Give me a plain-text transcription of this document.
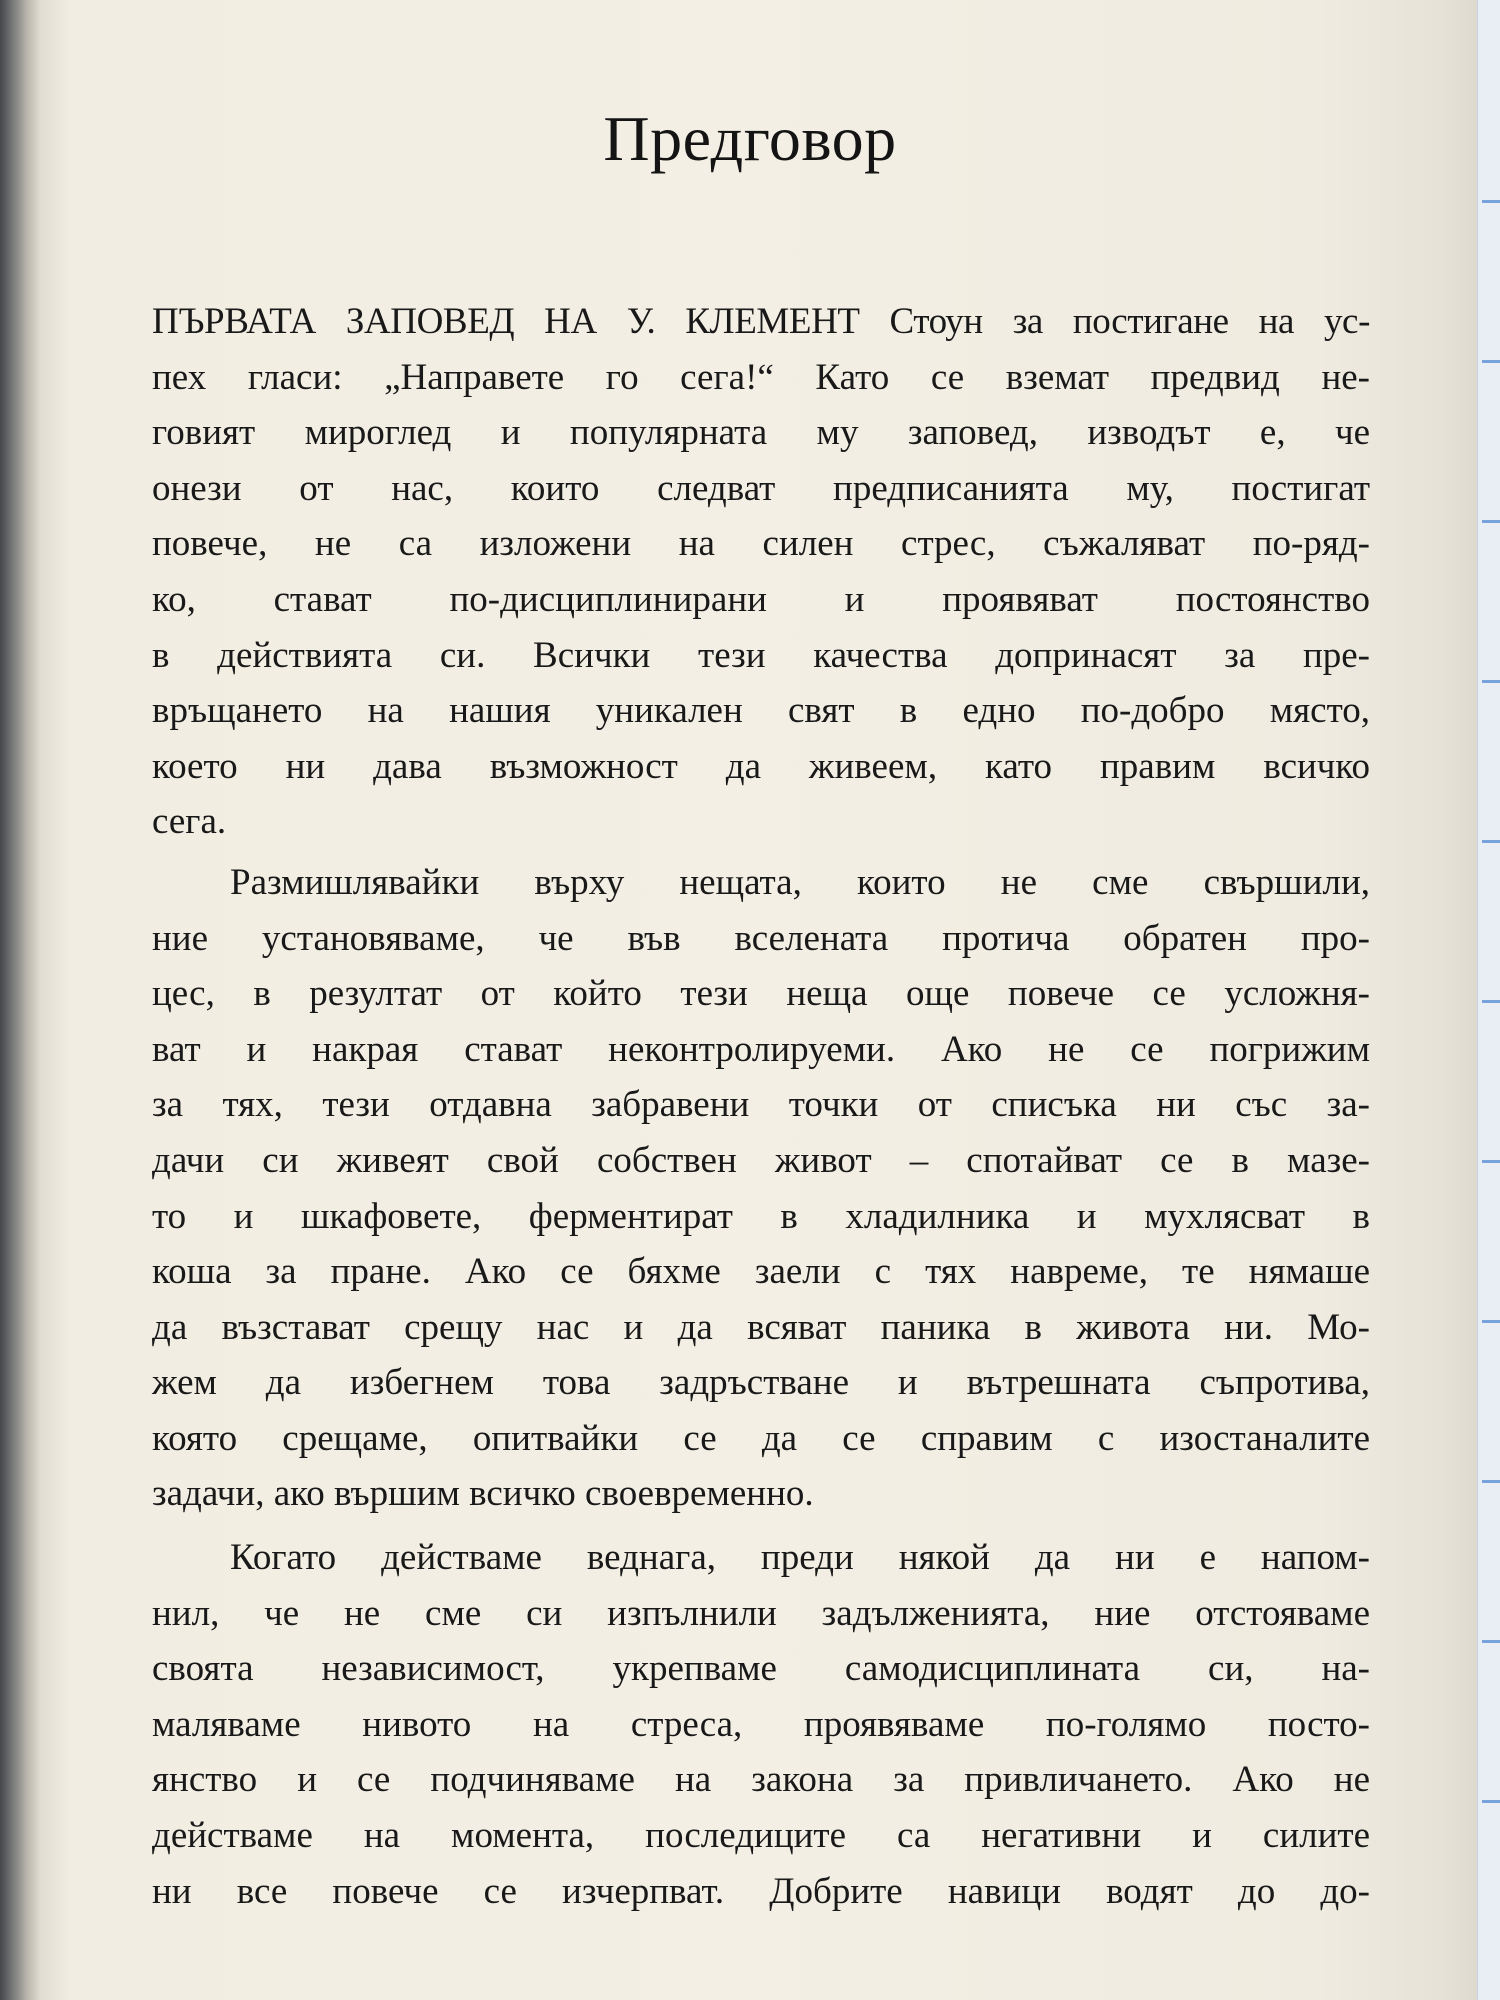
Предговор
ПЪРВАТА ЗАПОВЕД НА У. КЛЕМЕНТ Стоун за постигане на ус-
пех гласи: „Направете го сега!“ Като се вземат предвид не-
говият мироглед и популярната му заповед, изводът е, че
онези от нас, които следват предписанията му, постигат
повече, не са изложени на силен стрес, съжаляват по-ряд-
ко, стават по-дисциплинирани и проявяват постоянство
в действията си. Всички тези качества допринасят за пре-
връщането на нашия уникален свят в едно по-добро място,
което ни дава възможност да живеем, като правим всичко
сега.
Размишлявайки върху нещата, които не сме свършили,
ние установяваме, че във вселената протича обратен про-
цес, в резултат от който тези неща още повече се усложня-
ват и накрая стават неконтролируеми. Ако не се погрижим
за тях, тези отдавна забравени точки от списъка ни със за-
дачи си живеят свой собствен живот – спотайват се в мазе-
то и шкафовете, ферментират в хладилника и мухлясват в
коша за пране. Ако се бяхме заели с тях навреме, те нямаше
да възстават срещу нас и да всяват паника в живота ни. Мо-
жем да избегнем това задръстване и вътрешната съпротива,
която срещаме, опитвайки се да се справим с изостаналите
задачи, ако вършим всичко своевременно.
Когато действаме веднага, преди някой да ни е напом-
нил, че не сме си изпълнили задълженията, ние отстояваме
своята независимост, укрепваме самодисциплината си, на-
маляваме нивото на стреса, проявяваме по-голямо посто-
янство и се подчиняваме на закона за привличането. Ако не
действаме на момента, последиците са негативни и силите
ни все повече се изчерпват. Добрите навици водят до до-
